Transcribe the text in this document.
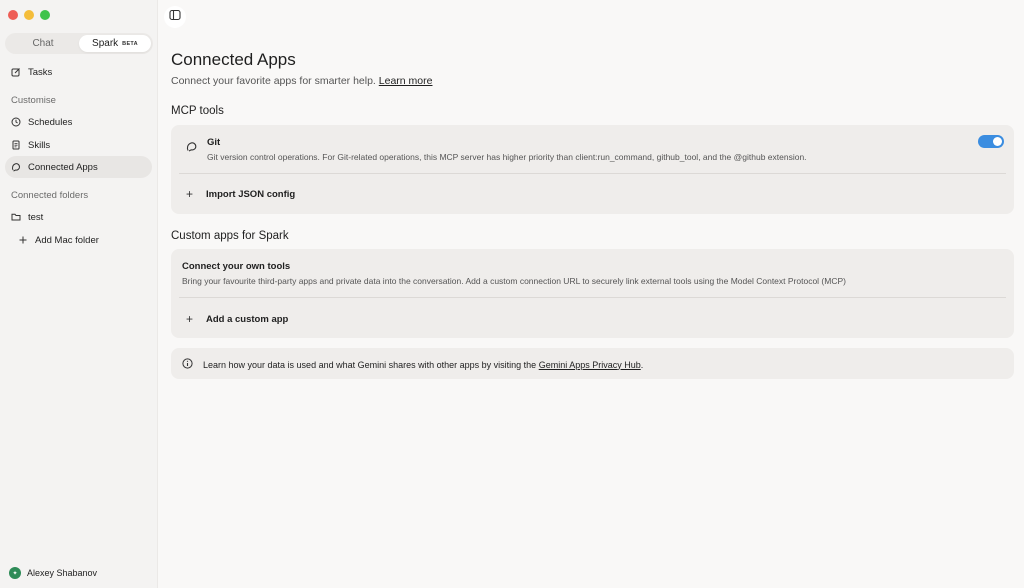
Chat	Spark BETA
Tasks
Customise
Schedules
Skills
Connected Apps
Connected folders
test
Add Mac folder
✦	Alexey Shabanov
Connected Apps

Connect your favorite apps for smarter help. Learn more

MCP tools
Git
Git version control operations. For Git-related operations, this MCP server has higher priority than client:run_command, github_tool, and the @github extension.
+ Import JSON config
Custom apps for Spark
Connect your own tools
Bring your favourite third-party apps and private data into the conversation. Add a custom connection URL to securely link external tools using the Model Context Protocol (MCP)
+ Add a custom app
Learn how your data is used and what Gemini shares with other apps by visiting the Gemini Apps Privacy Hub.
